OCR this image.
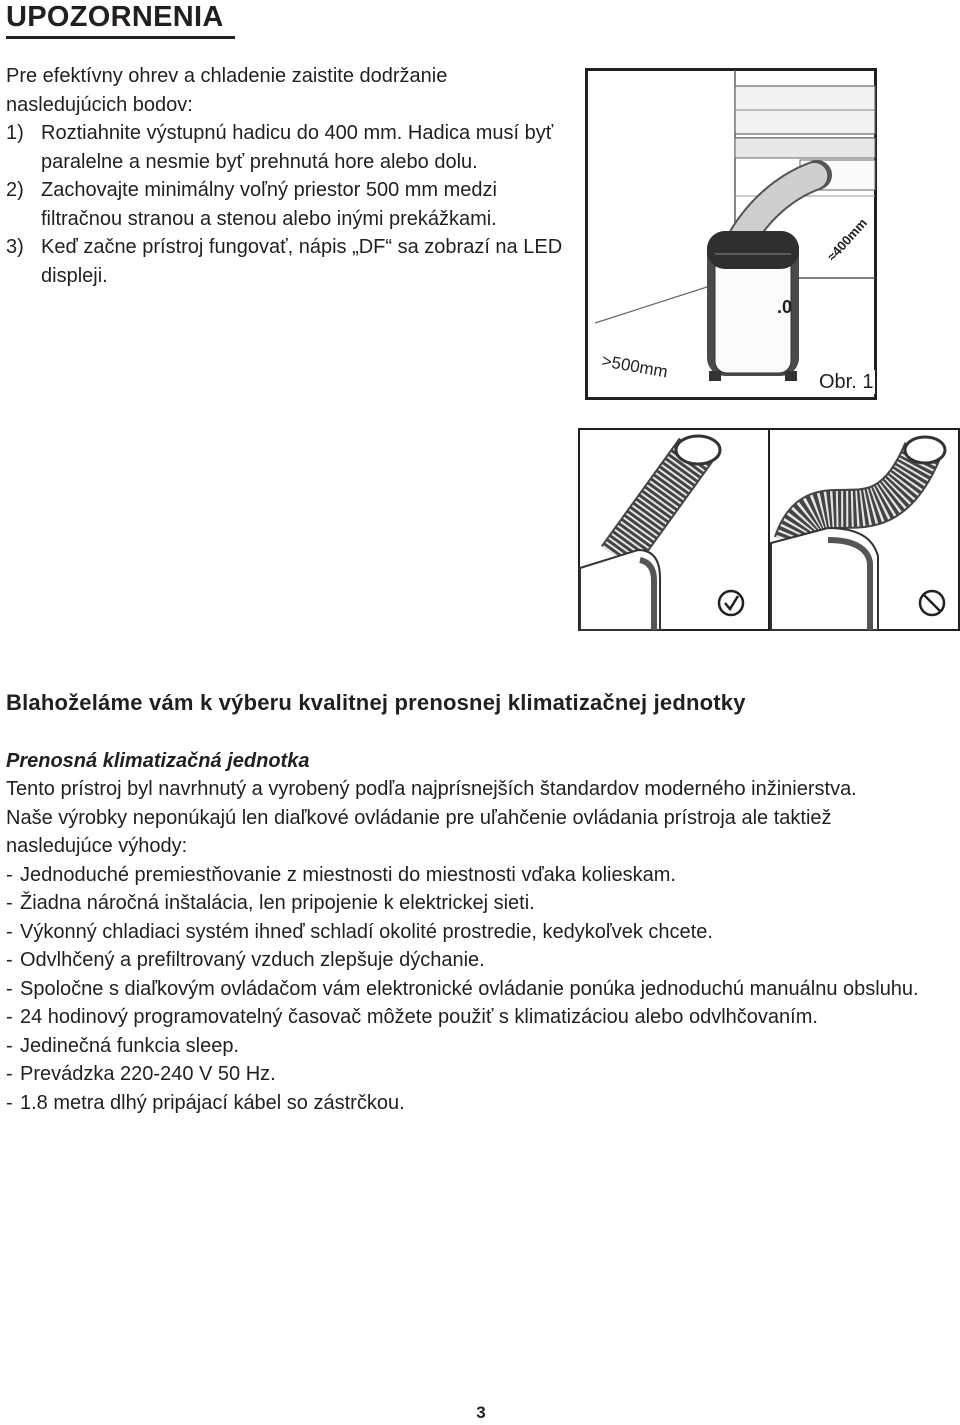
UPOZORNENIA

Pre efektívny ohrev a chladenie zaistite dodržanie nasledujúcich bodov:

1) Roztiahnite výstupnú hadicu do 400 mm. Hadica musí byť paralelne a nesmie byť prehnutá hore alebo dolu.
2) Zachovajte minimálny voľný priestor 500 mm medzi filtračnou stranou a stenou alebo inými prekážkami.
3) Keď začne prístroj fungovať, nápis „DF“ sa zobrazí na LED displeji.
.0
>500mm
≈400mm
Obr. 1
Blahoželáme vám k výberu kvalitnej prenosnej klimatizačnej jednotky
Prenosná klimatizačná jednotka

Tento prístroj byl navrhnutý a vyrobený podľa najprísnejších štandardov moderného inžinierstva.

Naše výrobky neponúkajú len diaľkové ovládanie pre uľahčenie ovládania prístroja ale taktiež nasledujúce výhody:

- Jednoduché premiestňovanie z miestnosti do miestnosti vďaka kolieskam.
- Žiadna náročná inštalácia, len pripojenie k elektrickej sieti.
- Výkonný chladiaci systém ihneď schladí okolité prostredie, kedykoľvek chcete.
- Odvlhčený a prefiltrovaný vzduch zlepšuje dýchanie.
- Spoločne s diaľkovým ovládačom vám elektronické ovládanie ponúka jednoduchú manuálnu obsluhu.
- 24 hodinový programovatelný časovač môžete použiť s klimatizáciou alebo odvlhčovaním.
- Jedinečná funkcia sleep.
- Prevádzka 220-240 V 50 Hz.
- 1.8 metra dlhý pripájací kábel so zástrčkou.
3
